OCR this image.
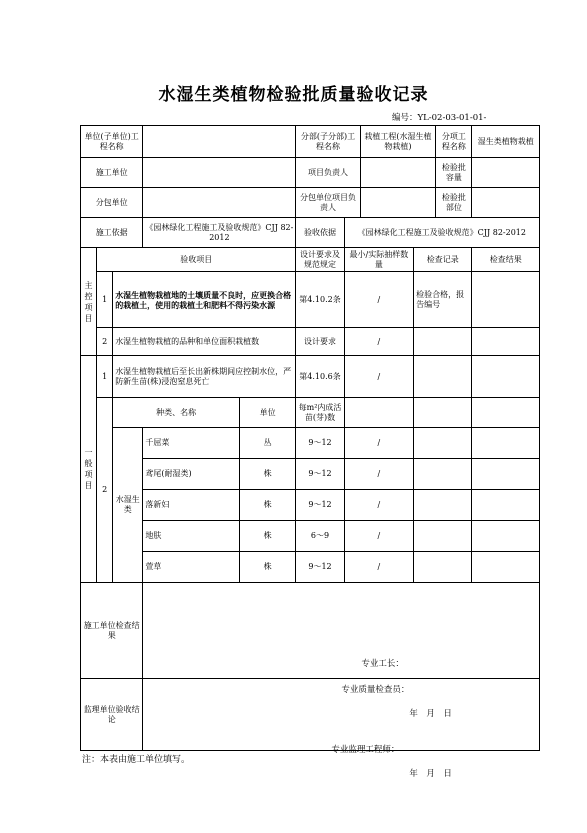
水湿生类植物检验批质量验收记录
编号：YL-02-03-01-01-
单位(子单位)工程名称					分部(子分部)工程名称		栽植工程(水湿生植物栽植)		分项工程名称	湿生类植物栽植
施工单位					项目负责人				检验批容量	
分包单位					分包单位项目负责人				检验批部位	
施工依据			《园林绿化工程施工及验收规范》CJJ 82-2012		验收依据	《园林绿化工程施工及验收规范》CJJ 82-2012				
主控项目	验收项目				设计要求及规范规定	最小/实际抽样数量		检查记录		检查结果
	1	水湿生植物栽植地的土壤质量不良时，应更换合格的栽植土，使用的栽植土和肥料不得污染水源			第4.10.2条	/		检验合格，报告编号		
	2	水湿生植物栽植的品种和单位面积栽植数			设计要求	/				
一般项目	1	水湿生植物栽植后至长出新株期间应控制水位，严防新生苗(株)浸泡窒息死亡			第4.10.6条	/				
	2	种类、名称		单位	每m²内成活苗(芽)数					
		水湿生类	千屈菜	丛	9～12	/				
			鸢尾(耐湿类)	株	9～12	/				
			落新妇	株	9～12	/				
			地肤	株	6～9	/				
			萱草	株	9～12	/				
施工单位检查结果			专业工长：
专业质量检查员：
年　月　日							

监理单位验收结论			专业监理工程师：
年　月　日							
注：本表由施工单位填写。
